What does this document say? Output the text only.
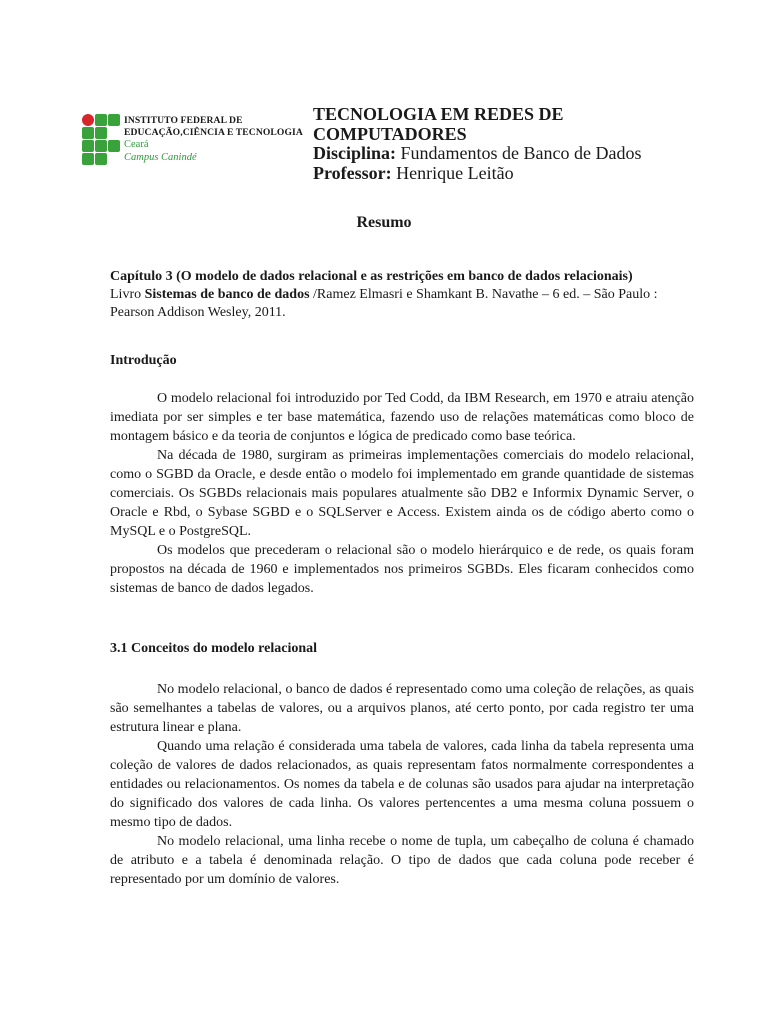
INSTITUTO FEDERAL DE
EDUCAÇÃO,CIÊNCIA E TECNOLOGIA
Ceará
Campus Canindé
TECNOLOGIA EM REDES DE
COMPUTADORES
Disciplina: Fundamentos de Banco de Dados
Professor: Henrique Leitão
Resumo
Capítulo 3 (O modelo de dados relacional e as restrições em banco de dados relacionais)
Livro Sistemas de banco de dados /Ramez Elmasri e Shamkant B. Navathe – 6 ed. – São Paulo : Pearson Addison Wesley, 2011.
Introdução

O modelo relacional foi introduzido por Ted Codd, da IBM Research, em 1970 e atraiu atenção imediata por ser simples e ter base matemática, fazendo uso de relações matemáticas como bloco de montagem básico e da teoria de conjuntos e lógica de predicado como base teórica.

Na década de 1980, surgiram as primeiras implementações comerciais do modelo relacional, como o SGBD da Oracle, e desde então o modelo foi implementado em grande quantidade de sistemas comerciais. Os SGBDs relacionais mais populares atualmente são DB2 e Informix Dynamic Server, o Oracle e Rbd, o Sybase SGBD e o SQLServer e Access. Existem ainda os de código aberto como o MySQL e o PostgreSQL.

Os modelos que precederam o relacional são o modelo hierárquico e de rede, os quais foram propostos na década de 1960 e implementados nos primeiros SGBDs. Eles ficaram conhecidos como sistemas de banco de dados legados.

3.1 Conceitos do modelo relacional

No modelo relacional, o banco de dados é representado como uma coleção de relações, as quais são semelhantes a tabelas de valores, ou a arquivos planos, até certo ponto, por cada registro ter uma estrutura linear e plana.

Quando uma relação é considerada uma tabela de valores, cada linha da tabela representa uma coleção de valores de dados relacionados, as quais representam fatos normalmente correspondentes a entidades ou relacionamentos. Os nomes da tabela e de colunas são usados para ajudar na interpretação do significado dos valores de cada linha. Os valores pertencentes a uma mesma coluna possuem o mesmo tipo de dados.

No modelo relacional, uma linha recebe o nome de tupla, um cabeçalho de coluna é chamado de atributo e a tabela é denominada relação. O tipo de dados que cada coluna pode receber é representado por um domínio de valores.
